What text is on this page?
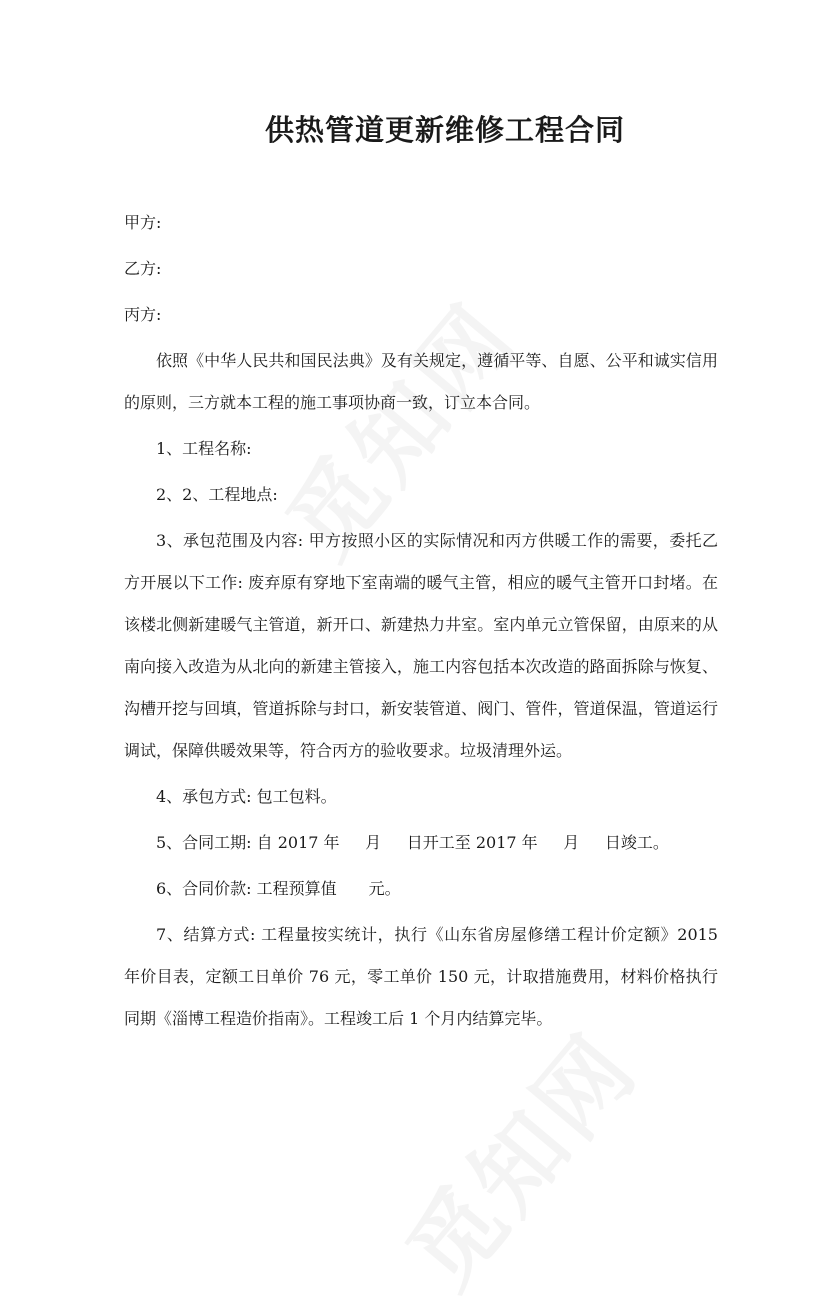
供热管道更新维修工程合同

甲方:

乙方:

丙方:

依照《中华人民共和国民法典》及有关规定，遵循平等、自愿、公平和诚实信用的原则，三方就本工程的施工事项协商一致，订立本合同。

1、工程名称:

2、2、工程地点:

3、承包范围及内容: 甲方按照小区的实际情况和丙方供暖工作的需要，委托乙方开展以下工作: 废弃原有穿地下室南端的暖气主管，相应的暖气主管开口封堵。在该楼北侧新建暖气主管道，新开口、新建热力井室。室内单元立管保留，由原来的从南向接入改造为从北向的新建主管接入，施工内容包括本次改造的路面拆除与恢复、沟槽开挖与回填，管道拆除与封口，新安装管道、阀门、管件，管道保温，管道运行调试，保障供暖效果等，符合丙方的验收要求。垃圾清理外运。

4、承包方式: 包工包料。

5、合同工期: 自 2017 年 月 日开工至 2017 年 月 日竣工。

6、合同价款: 工程预算值 元。

7、结算方式: 工程量按实统计，执行《山东省房屋修缮工程计价定额》2015 年价目表，定额工日单价 76 元，零工单价 150 元，计取措施费用，材料价格执行同期《淄博工程造价指南》。工程竣工后 1 个月内结算完毕。
